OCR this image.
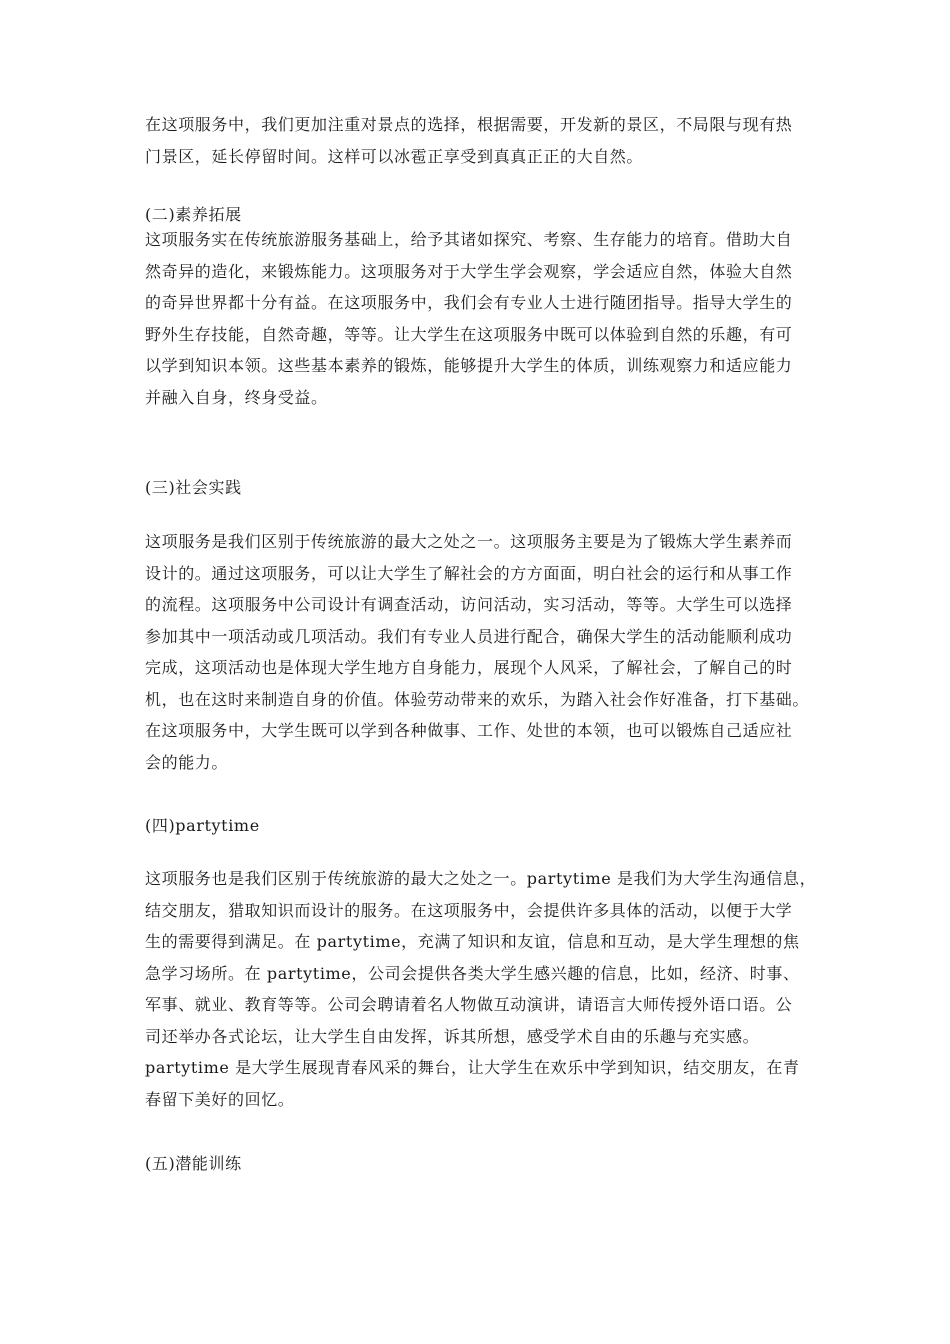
在这项服务中，我们更加注重对景点的选择，根据需要，开发新的景区，不局限与现有热
门景区，延长停留时间。这样可以冰雹正享受到真真正正的大自然。
(二)素养拓展
这项服务实在传统旅游服务基础上，给予其诸如探究、考察、生存能力的培育。借助大自
然奇异的造化，来锻炼能力。这项服务对于大学生学会观察，学会适应自然，体验大自然
的奇异世界都十分有益。在这项服务中，我们会有专业人士进行随团指导。指导大学生的
野外生存技能，自然奇趣，等等。让大学生在这项服务中既可以体验到自然的乐趣，有可
以学到知识本领。这些基本素养的锻炼，能够提升大学生的体质，训练观察力和适应能力
并融入自身，终身受益。
(三)社会实践
这项服务是我们区别于传统旅游的最大之处之一。这项服务主要是为了锻炼大学生素养而
设计的。通过这项服务，可以让大学生了解社会的方方面面，明白社会的运行和从事工作
的流程。这项服务中公司设计有调查活动，访问活动，实习活动，等等。大学生可以选择
参加其中一项活动或几项活动。我们有专业人员进行配合，确保大学生的活动能顺利成功
完成，这项活动也是体现大学生地方自身能力，展现个人风采，了解社会，了解自己的时
机，也在这时来制造自身的价值。体验劳动带来的欢乐，为踏入社会作好准备，打下基础。
在这项服务中，大学生既可以学到各种做事、工作、处世的本领，也可以锻炼自己适应社
会的能力。
(四)partytime
这项服务也是我们区别于传统旅游的最大之处之一。partytime 是我们为大学生沟通信息，
结交朋友，猎取知识而设计的服务。在这项服务中，会提供许多具体的活动，以便于大学
生的需要得到满足。在 partytime，充满了知识和友谊，信息和互动，是大学生理想的焦
急学习场所。在 partytime，公司会提供各类大学生感兴趣的信息，比如，经济、时事、
军事、就业、教育等等。公司会聘请着名人物做互动演讲，请语言大师传授外语口语。公
司还举办各式论坛，让大学生自由发挥，诉其所想，感受学术自由的乐趣与充实感。
partytime 是大学生展现青春风采的舞台，让大学生在欢乐中学到知识，结交朋友，在青
春留下美好的回忆。
(五)潜能训练
